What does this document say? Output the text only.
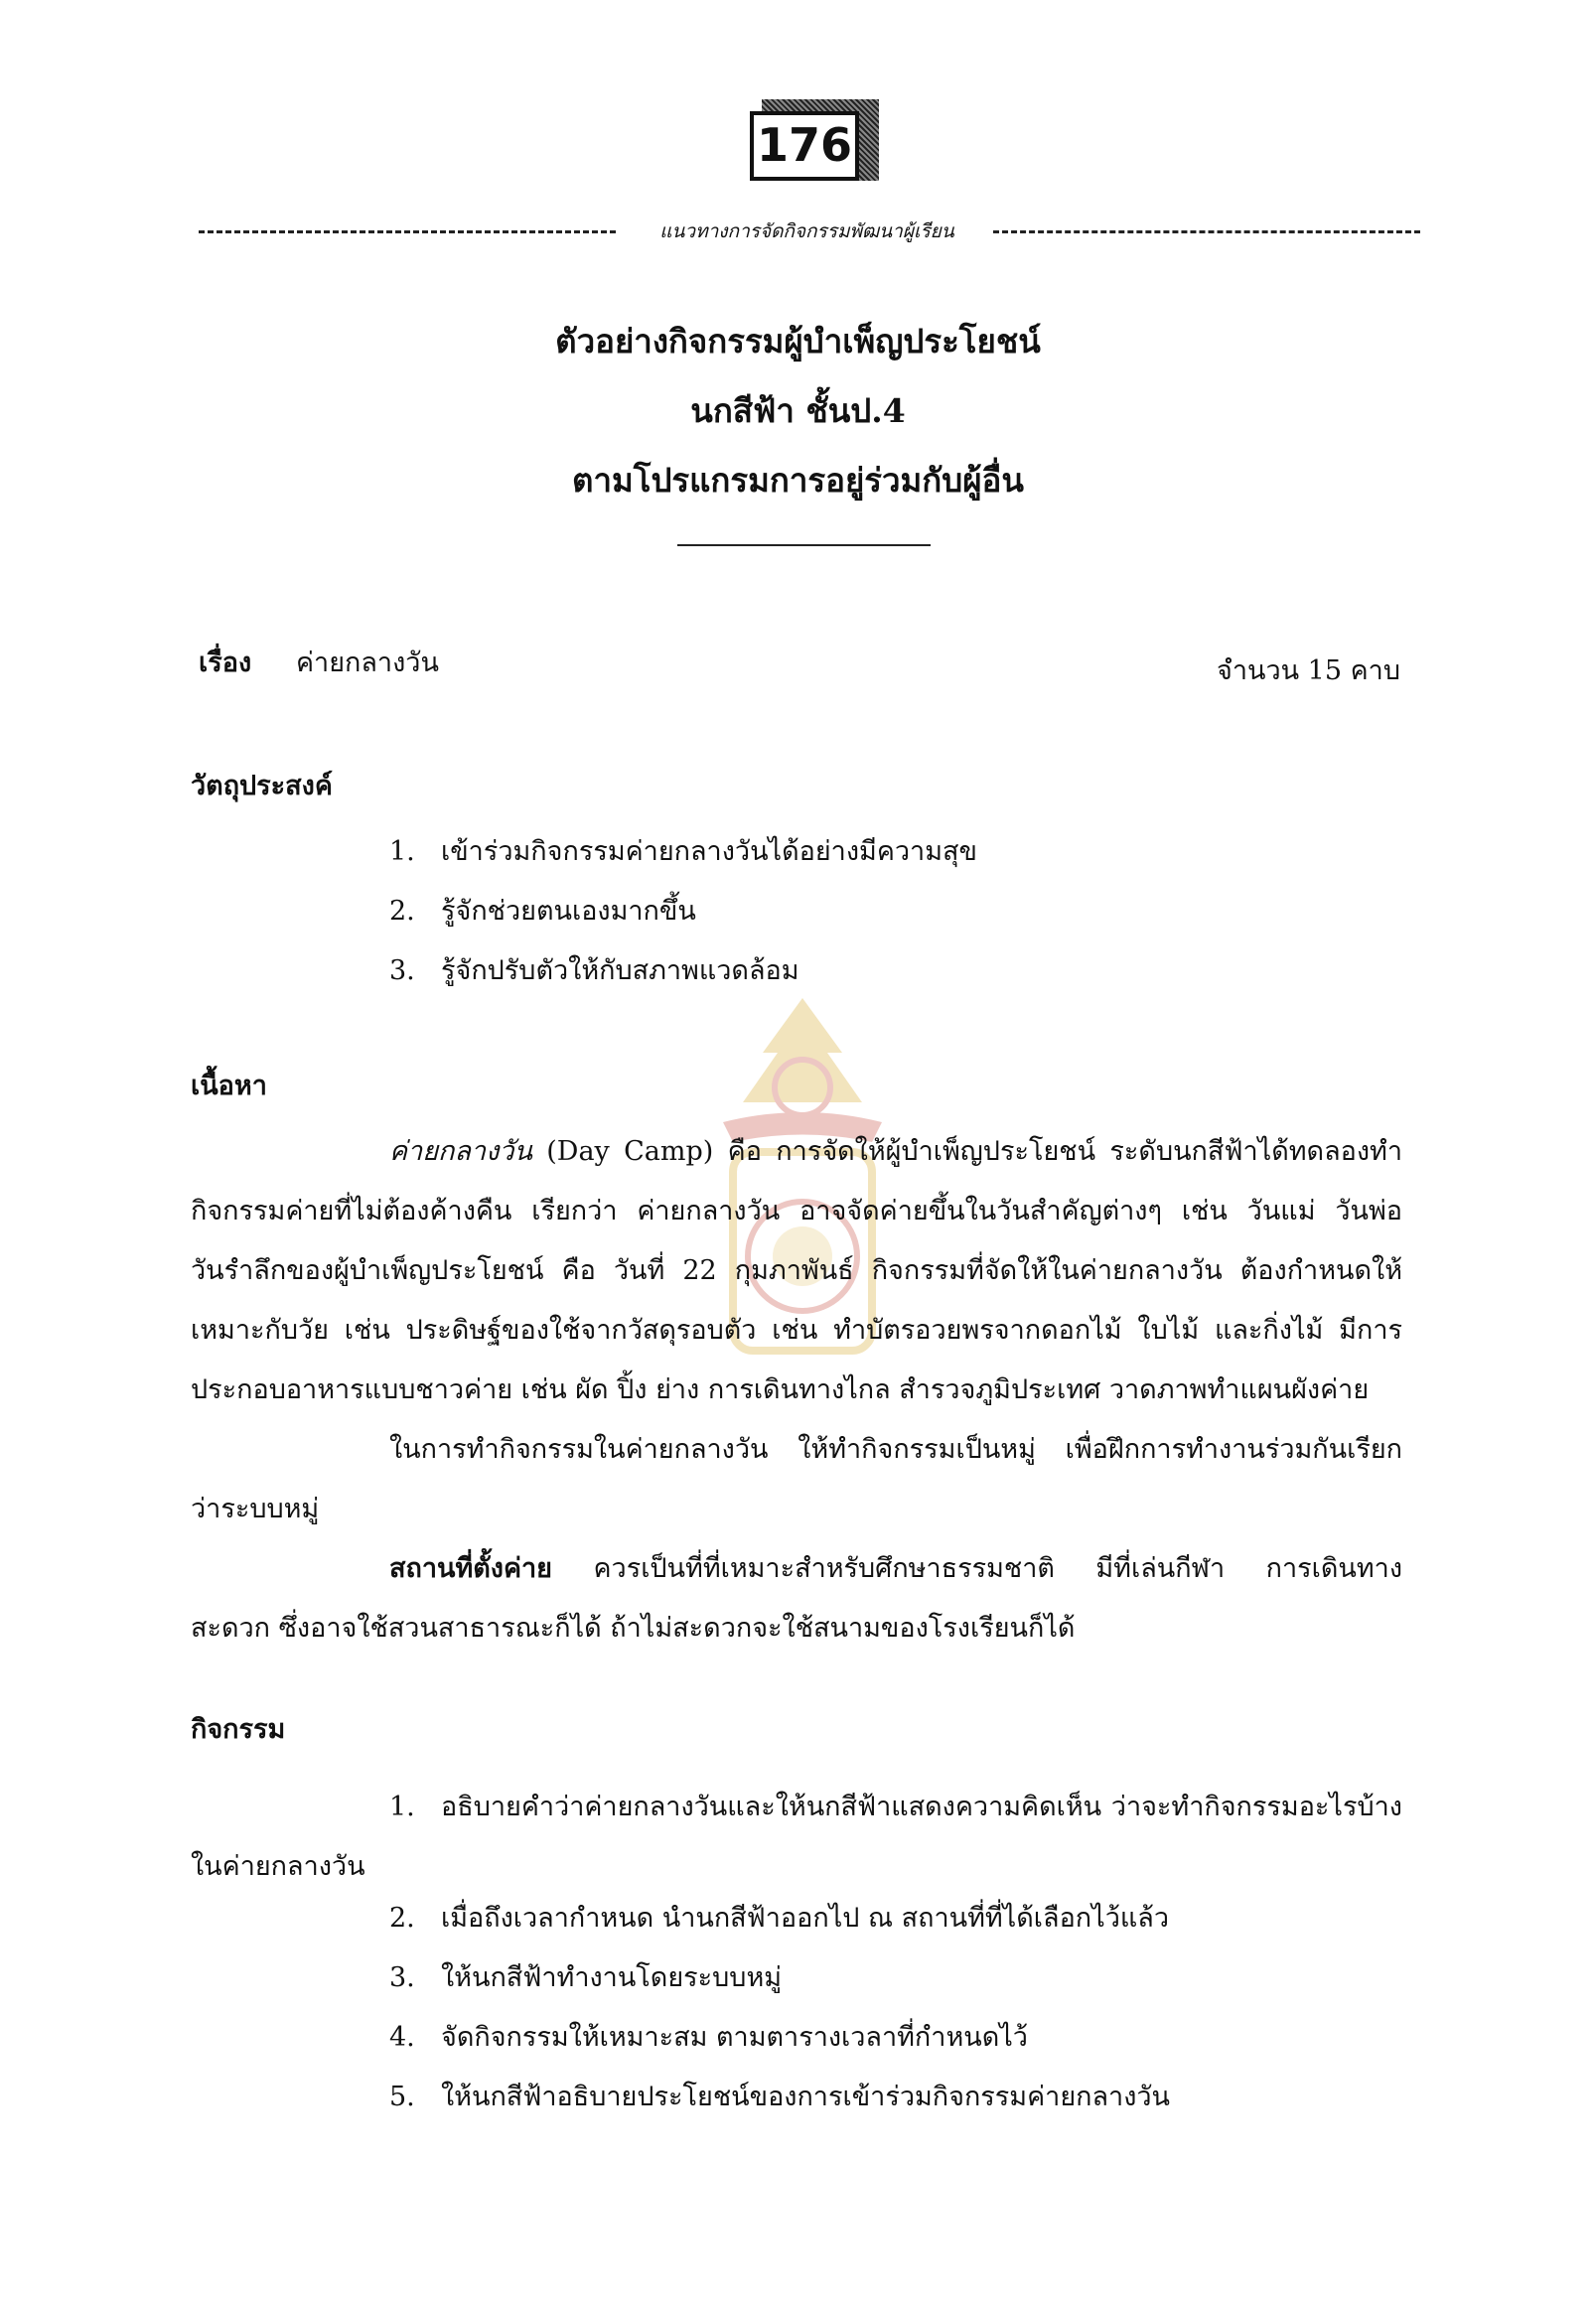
176
แนวทางการจัดกิจกรรมพัฒนาผู้เรียน
ตัวอย่างกิจกรรมผู้บำเพ็ญประโยชน์
นกสีฟ้า ชั้นป.4
ตามโปรแกรมการอยู่ร่วมกับผู้อื่น
เรื่อง ค่ายกลางวัน	จำนวน 15 คาบ
วัตถุประสงค์
1. เข้าร่วมกิจกรรมค่ายกลางวันได้อย่างมีความสุข
2. รู้จักช่วยตนเองมากขึ้น
3. รู้จักปรับตัวให้กับสภาพแวดล้อม
เนื้อหา
ค่ายกลางวัน (Day Camp) คือ การจัดให้ผู้บำเพ็ญประโยชน์ ระดับนกสีฟ้าได้ทดลองทำ
กิจกรรมค่ายที่ไม่ต้องค้างคืน เรียกว่า ค่ายกลางวัน อาจจัดค่ายขึ้นในวันสำคัญต่างๆ เช่น วันแม่ วันพ่อ
วันรำลึกของผู้บำเพ็ญประโยชน์ คือ วันที่ 22 กุมภาพันธ์ กิจกรรมที่จัดให้ในค่ายกลางวัน ต้องกำหนดให้
เหมาะกับวัย เช่น ประดิษฐ์ของใช้จากวัสดุรอบตัว เช่น ทำบัตรอวยพรจากดอกไม้ ใบไม้ และกิ่งไม้ มีการ
ประกอบอาหารแบบชาวค่าย เช่น ผัด ปิ้ง ย่าง การเดินทางไกล สำรวจภูมิประเทศ วาดภาพทำแผนผังค่าย
ในการทำกิจกรรมในค่ายกลางวัน ให้ทำกิจกรรมเป็นหมู่ เพื่อฝึกการทำงานร่วมกันเรียก
ว่าระบบหมู่
สถานที่ตั้งค่าย ควรเป็นที่ที่เหมาะสำหรับศึกษาธรรมชาติ มีที่เล่นกีฬา การเดินทาง
สะดวก ซึ่งอาจใช้สวนสาธารณะก็ได้ ถ้าไม่สะดวกจะใช้สนามของโรงเรียนก็ได้
กิจกรรม
1. อธิบายคำว่าค่ายกลางวันและให้นกสีฟ้าแสดงความคิดเห็น ว่าจะทำกิจกรรมอะไรบ้าง
ในค่ายกลางวัน
2. เมื่อถึงเวลากำหนด นำนกสีฟ้าออกไป ณ สถานที่ที่ได้เลือกไว้แล้ว
3. ให้นกสีฟ้าทำงานโดยระบบหมู่
4. จัดกิจกรรมให้เหมาะสม ตามตารางเวลาที่กำหนดไว้
5. ให้นกสีฟ้าอธิบายประโยชน์ของการเข้าร่วมกิจกรรมค่ายกลางวัน
